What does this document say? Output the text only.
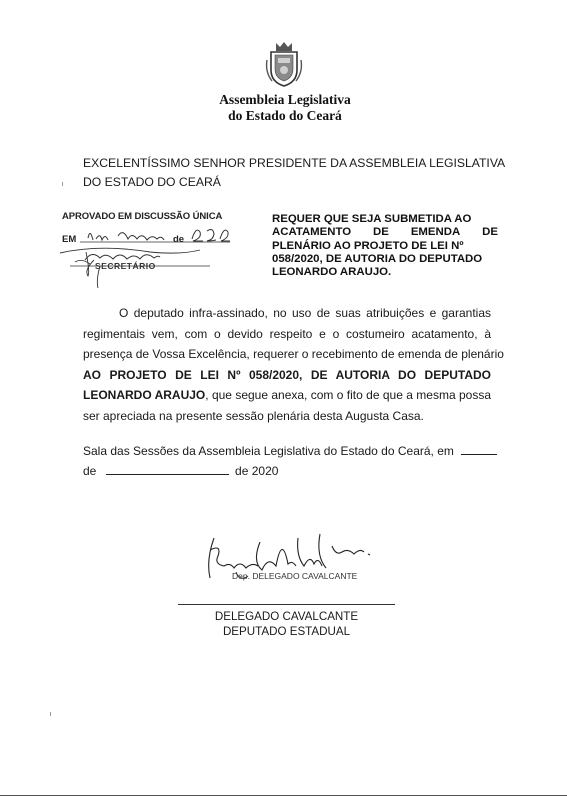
Assembleia Legislativa
do Estado do Ceará
EXCELENTÍSSIMO SENHOR PRESIDENTE DA ASSEMBLEIA LEGISLATIVA
DO ESTADO DO CEARÁ
APROVADO EM DISCUSSÃO ÚNICA
EM	de
SECRETÁRIO
REQUER QUE SEJA SUBMETIDA AO
ACATAMENTO DE EMENDA DE
PLENÁRIO AO PROJETO DE LEI Nº
058/2020, DE AUTORIA DO DEPUTADO
LEONARDO ARAUJO.
O deputado infra-assinado, no uso de suas atribuições e garantias
regimentais vem, com o devido respeito e o costumeiro acatamento, à
presença de Vossa Excelência, requerer o recebimento de emenda de plenário
AO PROJETO DE LEI Nº 058/2020, DE AUTORIA DO DEPUTADO
LEONARDO ARAUJO, que segue anexa, com o fito de que a mesma possa
ser apreciada na presente sessão plenária desta Augusta Casa.
Sala das Sessões da Assembleia Legislativa do Estado do Ceará, em
de	de 2020
Dep. DELEGADO CAVALCANTE
DELEGADO CAVALCANTE
DEPUTADO ESTADUAL
